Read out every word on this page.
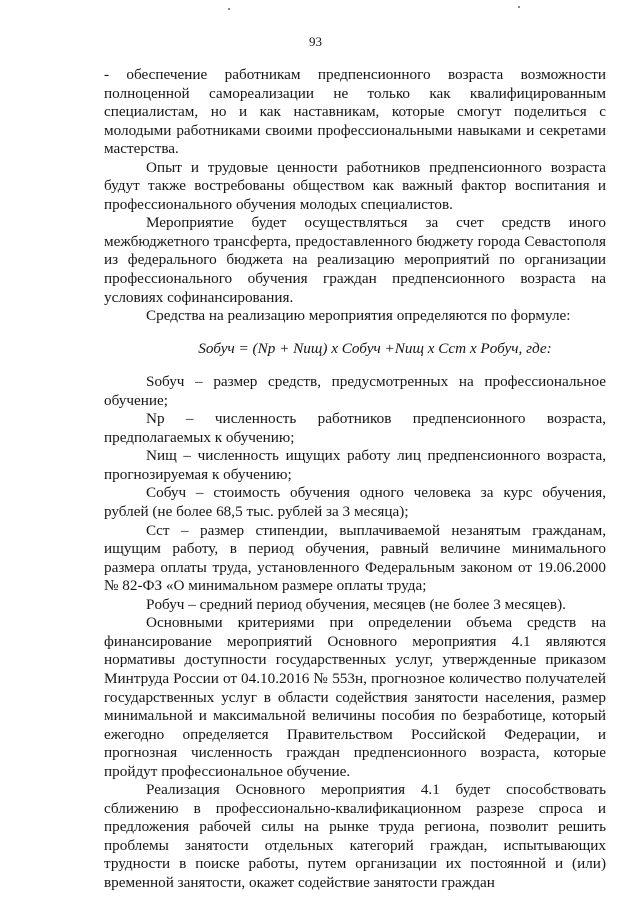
93

- обеспечение работникам предпенсионного возраста возможности полноценной самореализации не только как квалифицированным специалистам, но и как наставникам, которые смогут поделиться с молодыми работниками своими профессиональными навыками и секретами мастерства.

Опыт и трудовые ценности работников предпенсионного возраста будут также востребованы обществом как важный фактор воспитания и профессионального обучения молодых специалистов.

Мероприятие будет осуществляться за счет средств иного межбюджетного трансферта, предоставленного бюджету города Севастополя из федерального бюджета на реализацию мероприятий по организации профессионального обучения граждан предпенсионного возраста на условиях софинансирования.

Средства на реализацию мероприятия определяются по формуле:

Sобуч = (Np + Nищ) x Cобуч +Nищ x Cст x Pобуч, где:

Sобуч – размер средств, предусмотренных на профессиональное обучение;

Np – численность работников предпенсионного возраста, предполагаемых к обучению;

Nищ – численность ищущих работу лиц предпенсионного возраста, прогнозируемая к обучению;

Cобуч – стоимость обучения одного человека за курс обучения, рублей (не более 68,5 тыс. рублей за 3 месяца);

Cст – размер стипендии, выплачиваемой незанятым гражданам, ищущим работу, в период обучения, равный величине минимального размера оплаты труда, установленного Федеральным законом от 19.06.2000 № 82-ФЗ «О минимальном размере оплаты труда;

Pобуч – средний период обучения, месяцев (не более 3 месяцев).

Основными критериями при определении объема средств на финансирование мероприятий Основного мероприятия 4.1 являются нормативы доступности государственных услуг, утвержденные приказом Минтруда России от 04.10.2016 № 553н, прогнозное количество получателей государственных услуг в области содействия занятости населения, размер минимальной и максимальной величины пособия по безработице, который ежегодно определяется Правительством Российской Федерации, и прогнозная численность граждан предпенсионного возраста, которые пройдут профессиональное обучение.

Реализация Основного мероприятия 4.1 будет способствовать сближению в профессионально-квалификационном разрезе спроса и предложения рабочей силы на рынке труда региона, позволит решить проблемы занятости отдельных категорий граждан, испытывающих трудности в поиске работы, путем организации их постоянной и (или) временной занятости, окажет содействие занятости граждан
